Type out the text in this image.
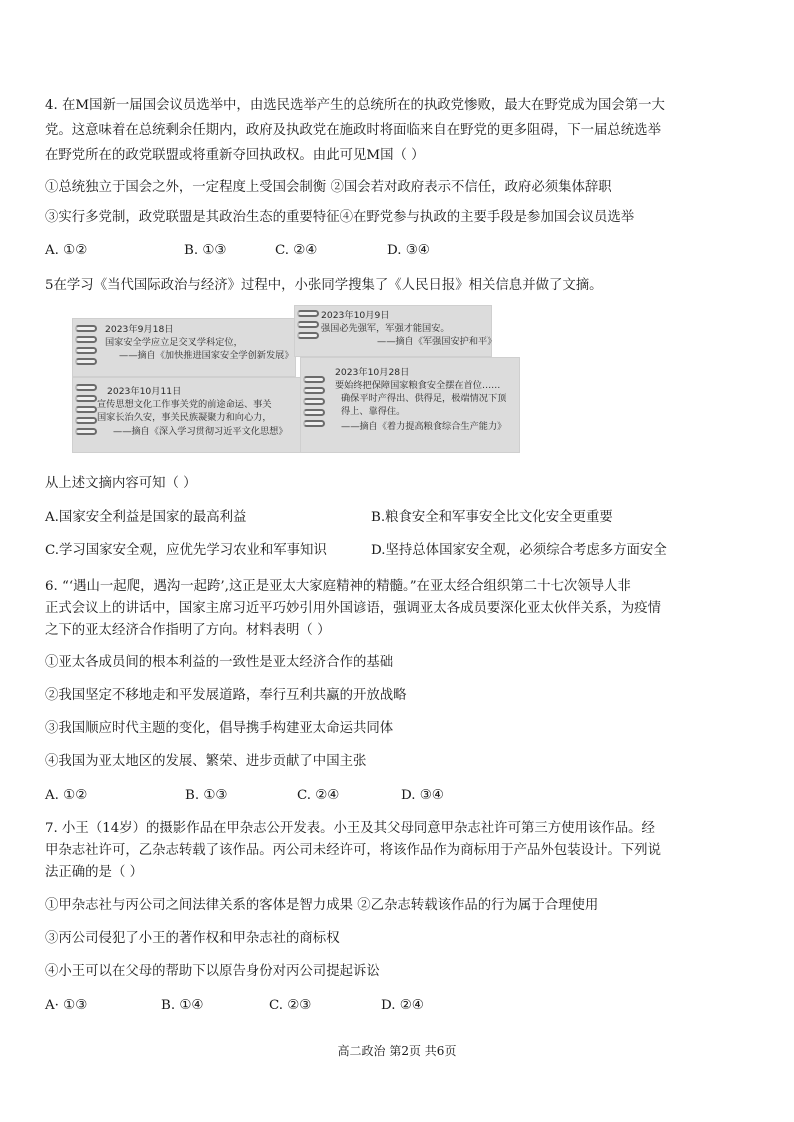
4. 在M国新一届国会议员选举中，由选民选举产生的总统所在的执政党惨败，最大在野党成为国会第一大
党。这意味着在总统剩余任期内，政府及执政党在施政时将面临来自在野党的更多阻碍，下一届总统选举
在野党所在的政党联盟或将重新夺回执政权。由此可见M国（ ）
①总统独立于国会之外，一定程度上受国会制衡 ②国会若对政府表示不信任，政府必须集体辞职
③实行多党制，政党联盟是其政治生态的重要特征④在野党参与执政的主要手段是参加国会议员选举
A. ①②	B. ①③	C. ②④	D. ③④
5在学习《当代国际政治与经济》过程中，小张同学搜集了《人民日报》相关信息并做了文摘。
2023年9月18日
国家安全学应立足交叉学科定位，
——摘自《加快推进国家安全学创新发展》
2023年10月9日
强国必先强军，军强才能国安。
——摘自《军强国安护和平》
2023年10月11日
宣传思想文化工作事关党的前途命运、事关
国家长治久安，事关民族凝聚力和向心力，
——摘自《深入学习贯彻习近平文化思想》
2023年10月28日
要始终把保障国家粮食安全摆在首位……
确保平时产得出、供得足，极端情况下顶
得上、靠得住。
——摘自《着力提高粮食综合生产能力》
从上述文摘内容可知（ ）
A.国家安全利益是国家的最高利益	B.粮食安全和军事安全比文化安全更重要
C.学习国家安全观，应优先学习农业和军事知识	D.坚持总体国家安全观，必须综合考虑多方面安全
6. “‘遇山一起爬，遇沟一起跨’,这正是亚太大家庭精神的精髓。”在亚太经合组织第二十七次领导人非
正式会议上的讲话中，国家主席习近平巧妙引用外国谚语，强调亚太各成员要深化亚太伙伴关系，为疫情
之下的亚太经济合作指明了方向。材料表明（ ）
①亚太各成员间的根本利益的一致性是亚太经济合作的基础
②我国坚定不移地走和平发展道路，奉行互利共赢的开放战略
③我国顺应时代主题的变化，倡导携手构建亚太命运共同体
④我国为亚太地区的发展、繁荣、进步贡献了中国主张
A. ①②	B. ①③	C. ②④	D. ③④
7. 小王（14岁）的摄影作品在甲杂志公开发表。小王及其父母同意甲杂志社许可第三方使用该作品。经
甲杂志社许可，乙杂志转载了该作品。丙公司未经许可，将该作品作为商标用于产品外包装设计。下列说
法正确的是（ ）
①甲杂志社与丙公司之间法律关系的客体是智力成果 ②乙杂志转载该作品的行为属于合理使用
③丙公司侵犯了小王的著作权和甲杂志社的商标权
④小王可以在父母的帮助下以原告身份对丙公司提起诉讼
A· ①③	B. ①④	C. ②③	D. ②④
高二政治 第2页 共6页
